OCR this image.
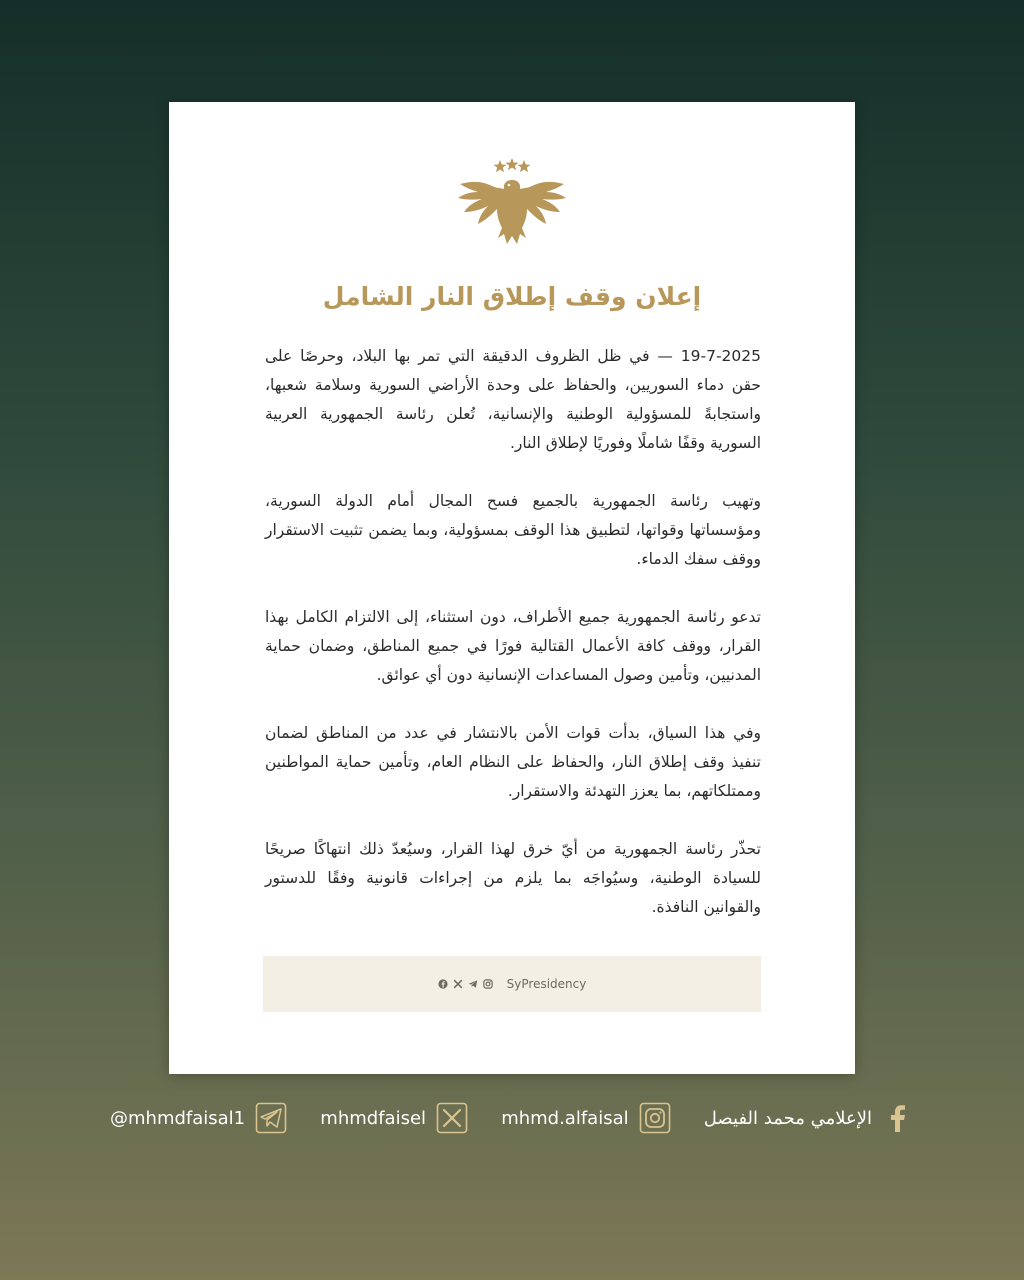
إعلان وقف إطلاق النار الشامل

19-7-2025 — في ظل الظروف الدقيقة التي تمر بها البلاد، وحرصًا على حقن دماء السوريين، والحفاظ على وحدة الأراضي السورية وسلامة شعبها، واستجابةً للمسؤولية الوطنية والإنسانية، تُعلن رئاسة الجمهورية العربية السورية وقفًا شاملًا وفوريًا لإطلاق النار.

وتهيب رئاسة الجمهورية بالجميع فسح المجال أمام الدولة السورية، ومؤسساتها وقواتها، لتطبيق هذا الوقف بمسؤولية، وبما يضمن تثبيت الاستقرار ووقف سفك الدماء.

تدعو رئاسة الجمهورية جميع الأطراف، دون استثناء، إلى الالتزام الكامل بهذا القرار، ووقف كافة الأعمال القتالية فورًا في جميع المناطق، وضمان حماية المدنيين، وتأمين وصول المساعدات الإنسانية دون أي عوائق.

وفي هذا السياق، بدأت قوات الأمن بالانتشار في عدد من المناطق لضمان تنفيذ وقف إطلاق النار، والحفاظ على النظام العام، وتأمين حماية المواطنين وممتلكاتهم، بما يعزز التهدئة والاستقرار.

تحذّر رئاسة الجمهورية من أيّ خرق لهذا القرار، وسيُعدّ ذلك انتهاكًا صريحًا للسيادة الوطنية، وسيُواجَه بما يلزم من إجراءات قانونية وفقًا للدستور والقوانين النافذة.

SyPresidency
@mhmdfaisal1	mhmdfaisel	mhmd.alfaisal	الإعلامي محمد الفيصل
